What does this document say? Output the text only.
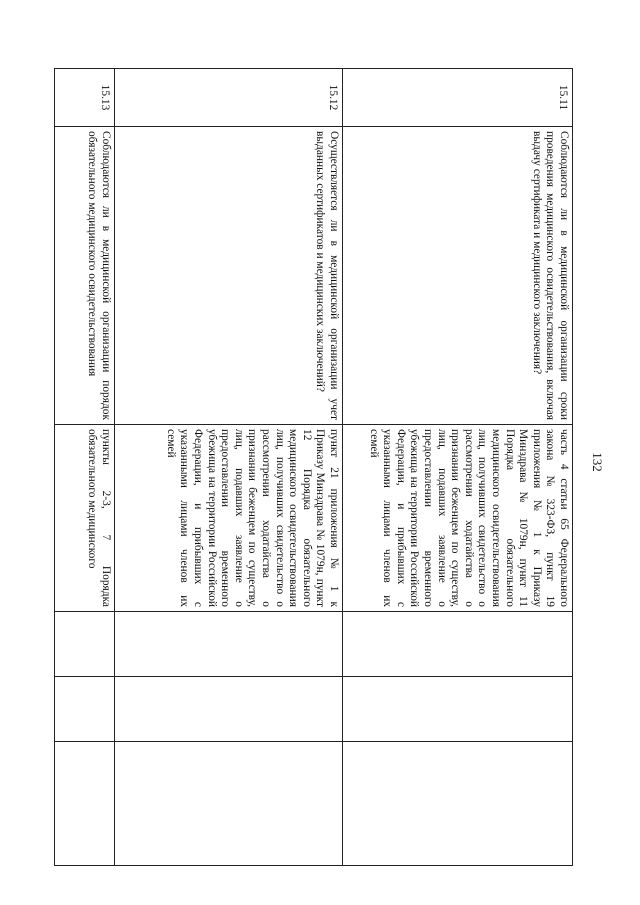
132
15.11	Соблюдаются ли в медицинской организации сроки проведения медицинского освидетельствования, включая выдачу сертификата и медицинского заключения?	часть 4 статьи 65 Федерального закона №323-ФЗ, пункт 19 приложения № 1 к Приказу Минздрава № 1079н, пункт 11 Порядка обязательного медицинского освидетельствования лиц, получивших свидетельство о рассмотрении ходатайства о признании беженцем по существу, лиц, подавших заявление о предоставлении временного убежища на территории Российской Федерации, и прибывших с указанными лицами членов их семей			
15.12	Осуществляется ли в медицинской организации учет выданных сертификатов и медицинских заключений?	пункт 21 приложения № 1 к Приказу Минздрава № 1079н, пункт 12 Порядка обязательного медицинского освидетельствования лиц, получивших свидетельство о рассмотрении ходатайства о признании беженцем по существу, лиц, подавших заявление о предоставлении временного убежища на территории Российской Федерации, и прибывших с указанными лицами членов их семей			
15.13	Соблюдаются ли в медицинской организации порядок обязательного медицинского освидетельствования	пункты 2-3, 7 Порядка обязательного медицинского			
